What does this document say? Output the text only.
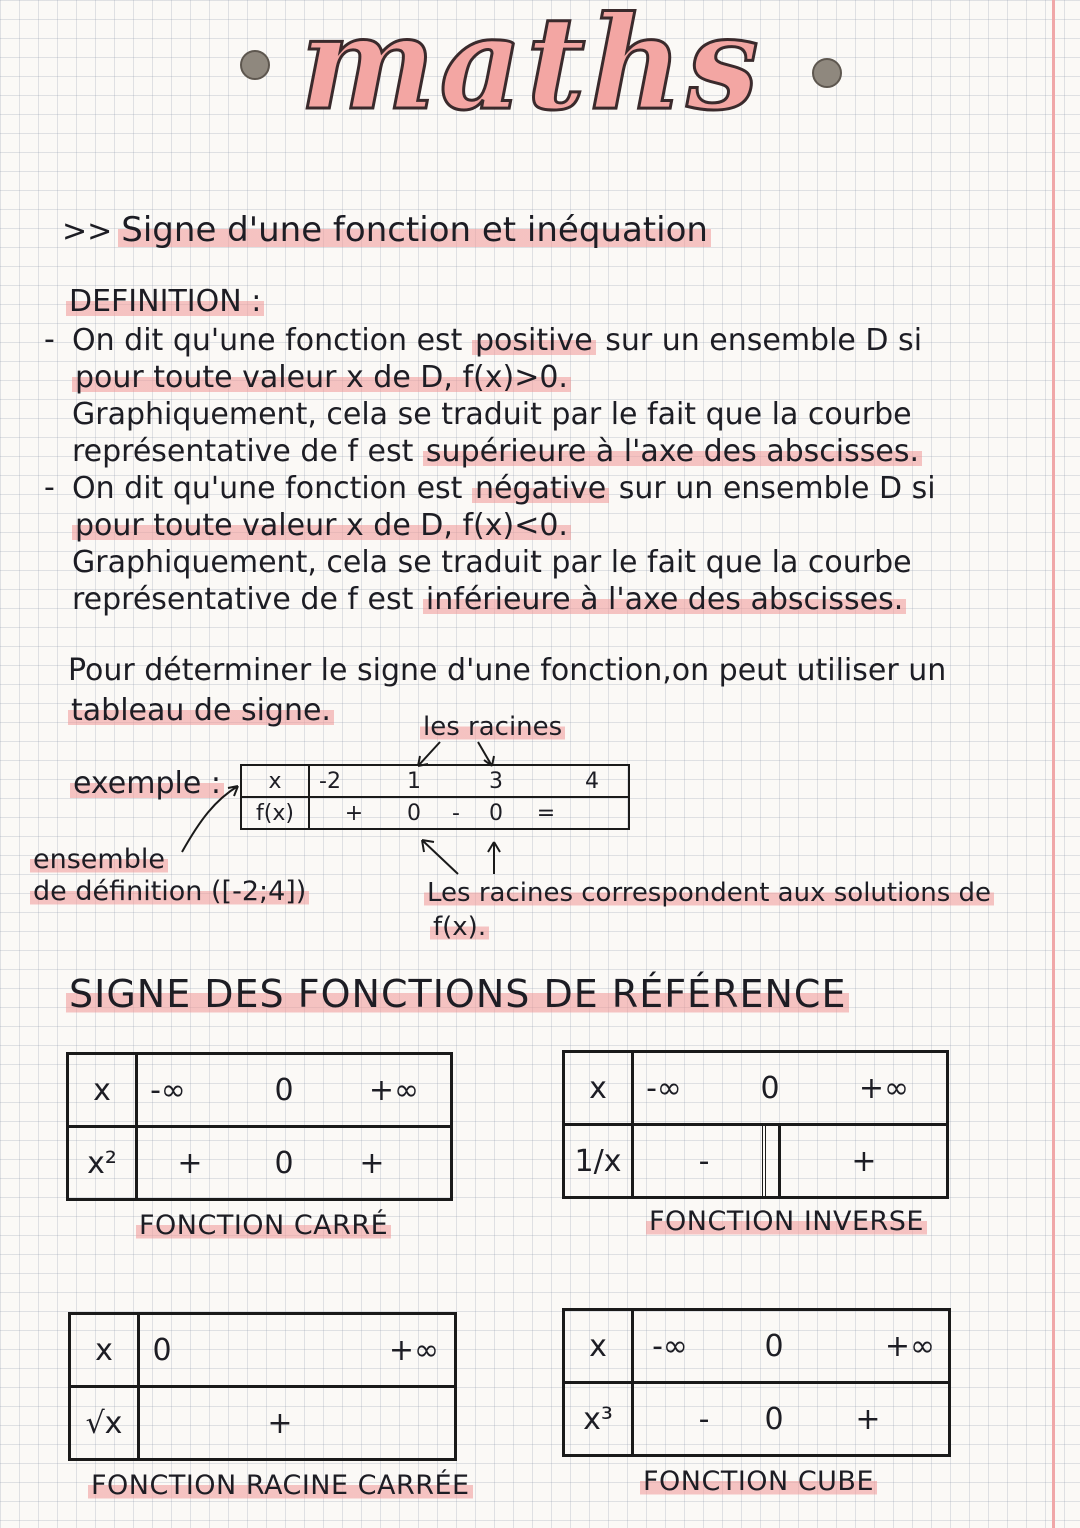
maths
>> Signe d'une fonction et inéquation
DEFINITION :
- On dit qu'une fonction est positive sur un ensemble D si
pour toute valeur x de D, f(x)>0.
Graphiquement, cela se traduit par le fait que la courbe
représentative de f est supérieure à l'axe des abscisses.
- On dit qu'une fonction est négative sur un ensemble D si
pour toute valeur x de D, f(x)<0.
Graphiquement, cela se traduit par le fait que la courbe
représentative de f est inférieure à l'axe des abscisses.
Pour déterminer le signe d'une fonction,on peut utiliser un
tableau de signe.	les racines
exemple : x	-2 1 3 4

f(x)	+ 0 - 0 =
ensemble
de définition ([-2;4])	Les racines correspondent aux solutions de
f(x).
SIGNE DES FONCTIONS DE RÉFÉRENCE
x	-∞ 0 +∞

x²	+ 0 +
FONCTION CARRÉ
x	-∞ 0 +∞

1/x	- +
FONCTION INVERSE
x	0 +∞

√x	+
FONCTION RACINE CARRÉE
x	-∞ 0 +∞

x³	- 0 +
FONCTION CUBE
